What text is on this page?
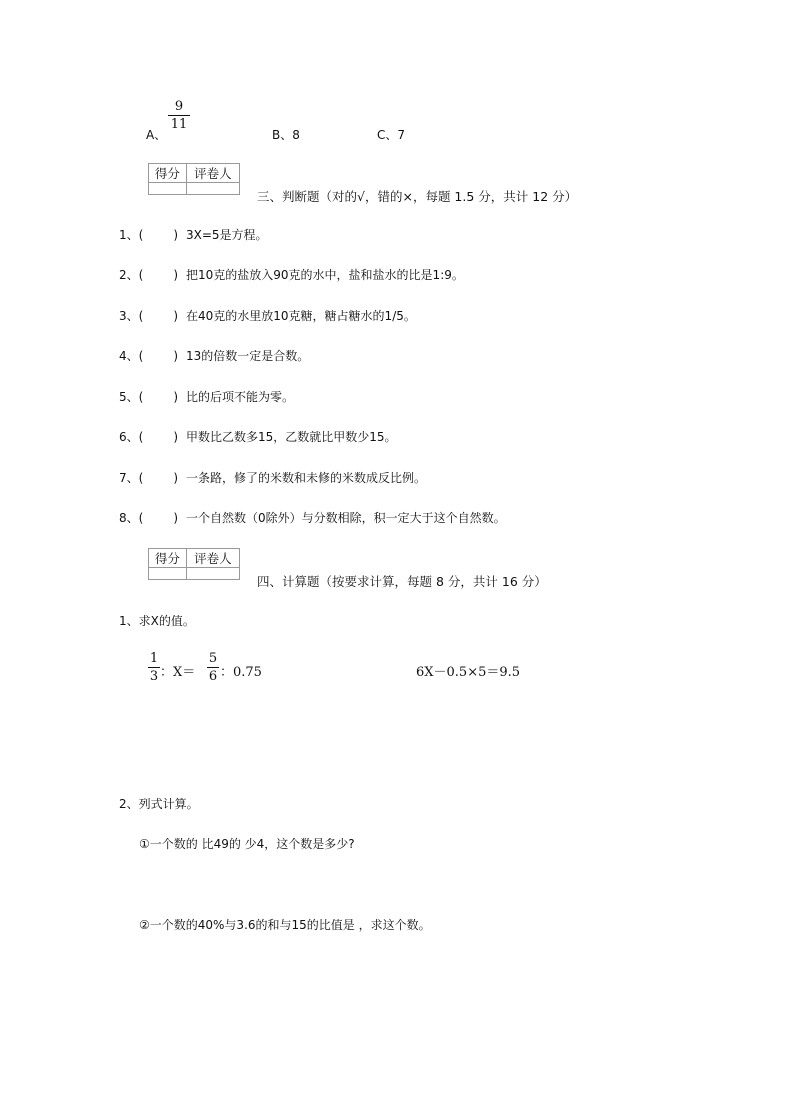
A、
9
11
B、8	C、7
得分	评卷人

三、判断题（对的√，错的×，每题 1.5 分，共计 12 分）
1、(	) 3X=5是方程。
2、(	) 把10克的盐放入90克的水中，盐和盐水的比是1:9。
3、(	) 在40克的水里放10克糖，糖占糖水的1/5。
4、(	) 13的倍数一定是合数。
5、(	) 比的后项不能为零。
6、(	) 甲数比乙数多15，乙数就比甲数少15。
7、(	) 一条路，修了的米数和未修的米数成反比例。
8、(	) 一个自然数（0除外）与分数相除，积一定大于这个自然数。
得分	评卷人

四、计算题（按要求计算，每题 8 分，共计 16 分）
1、求X的值。
1
3 ：X＝
5
6 ：0.75	6X－0.5×5＝9.5
2、列式计算。
①一个数的 比49的 少4，这个数是多少?
②一个数的40%与3.6的和与15的比值是 ，求这个数。
